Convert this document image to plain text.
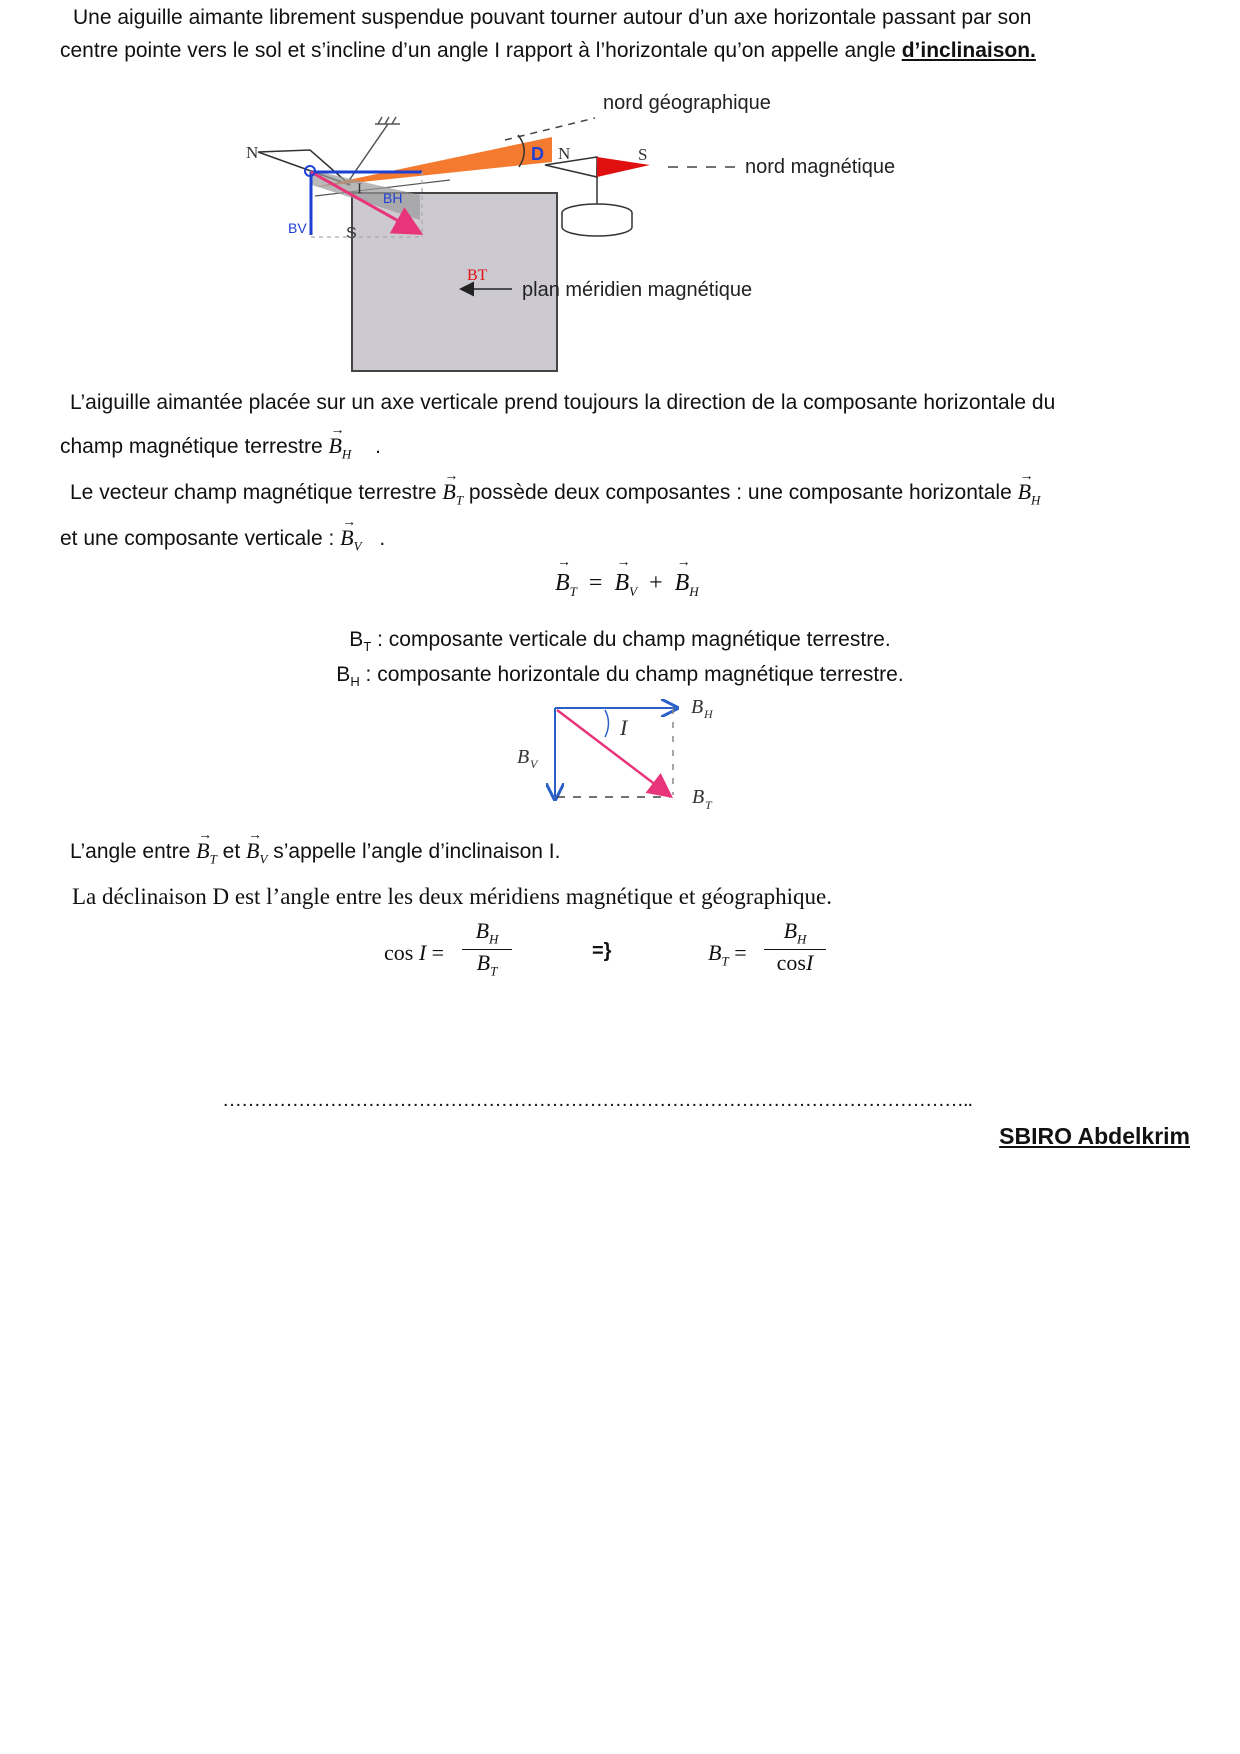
Une aiguille aimante librement suspendue pouvant tourner autour d’un axe horizontale passant par son
centre pointe vers le sol et s’incline d’un angle I rapport à l’horizontale qu’on appelle angle d’inclinaison.
nord géographique
nord magnétique
plan méridien magnétique
N
S
D N	S
I
BH
BV
BT
L’aiguille aimantée placée sur un axe verticale prend toujours la direction de la composante horizontale du
champ magnétique terrestre → $B_H$ .
Le vecteur champ magnétique terrestre → $B_T$ possède deux composantes : une composante horizontale → $B_H$
et une composante verticale : → $B_V$ .
→ $B_T$ = → $B_V$ + → $B_H$
$B_T$ : composante verticale du champ magnétique terrestre.
$B_H$ : composante horizontale du champ magnétique terrestre.
I
B H
B V
B T
L’angle entre → $B_T$ et → $B_V$ s’appelle l’angle d’inclinaison I.
La déclinaison D est l’angle entre les deux méridiens magnétique et géographique.
cos I =
$B_H$
$B_T$
=}	$B_T$ =
$B_H$
cosI
………………………………………………………………………………………………………..
SBIRO Abdelkrim
